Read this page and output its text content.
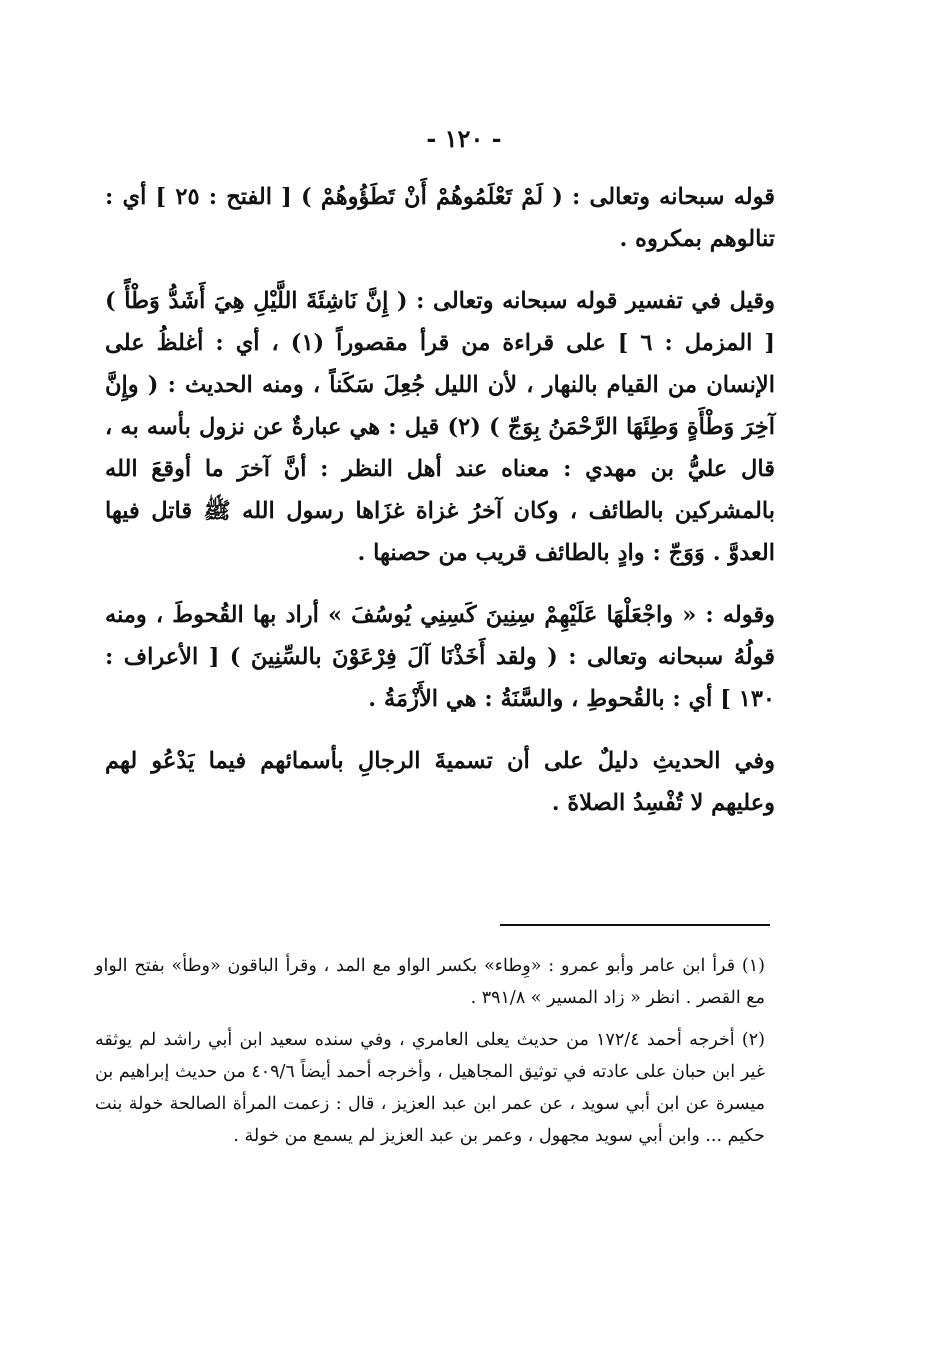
- ١٢٠ -

قوله سبحانه وتعالى : ( لَمْ تَعْلَمُوهُمْ أَنْ تَطَؤُوهُمْ ) [ الفتح : ٢٥ ] أي : تنالوهم بمكروه .

وقيل في تفسير قوله سبحانه وتعالى : ( إِنَّ نَاشِئَةَ اللَّيْلِ هِيَ أَشَدُّ وَطْأً ) [ المزمل : ٦ ] على قراءة من قرأ مقصوراً (١) ، أي : أغلظُ على الإنسان من القيام بالنهار ، لأن الليل جُعِلَ سَكَناً ، ومنه الحديث : ( وإِنَّ آخِرَ وَطْأَةٍ وَطِئَهَا الرَّحْمَنُ بِوَجّ ) (٢) قيل : هي عبارةٌ عن نزول بأسه به ، قال عليُّ بن مهدي : معناه عند أهل النظر : أنَّ آخرَ ما أوقعَ الله بالمشركين بالطائف ، وكان آخرُ غزاة غزَاها رسول الله ﷺ قاتل فيها العدوَّ . وَوَجّ : وادٍ بالطائف قريب من حصنها .

وقوله : « واجْعَلْهَا عَلَيْهِمْ سِنِينَ كَسِنِي يُوسُفَ » أراد بها القُحوطَ ، ومنه قولُهُ سبحانه وتعالى : ( ولقد أَخَذْنَا آلَ فِرْعَوْنَ بالسِّنِينَ ) [ الأعراف : ١٣٠ ] أي : بالقُحوطِ ، والسَّنَةُ : هي الأَزْمَةُ .

وفي الحديثِ دليلٌ على أن تسميةَ الرجالِ بأسمائهم فيما يَدْعُو لهم وعليهم لا تُفْسِدُ الصلاةَ .

(١) قرأ ابن عامر وأبو عمرو : «وِطاء» بكسر الواو مع المد ، وقرأ الباقون «وطأ» بفتح الواو مع القصر . انظر « زاد المسير » ٣٩١/٨ .

(٢) أخرجه أحمد ١٧٢/٤ من حديث يعلى العامري ، وفي سنده سعيد ابن أبي راشد لم يوثقه غير ابن حبان على عادته في توثيق المجاهيل ، وأخرجه أحمد أيضاً ٤٠٩/٦ من حديث إبراهيم بن ميسرة عن ابن أبي سويد ، عن عمر ابن عبد العزيز ، قال : زعمت المرأة الصالحة خولة بنت حكيم ... وابن أبي سويد مجهول ، وعمر بن عبد العزيز لم يسمع من خولة .
